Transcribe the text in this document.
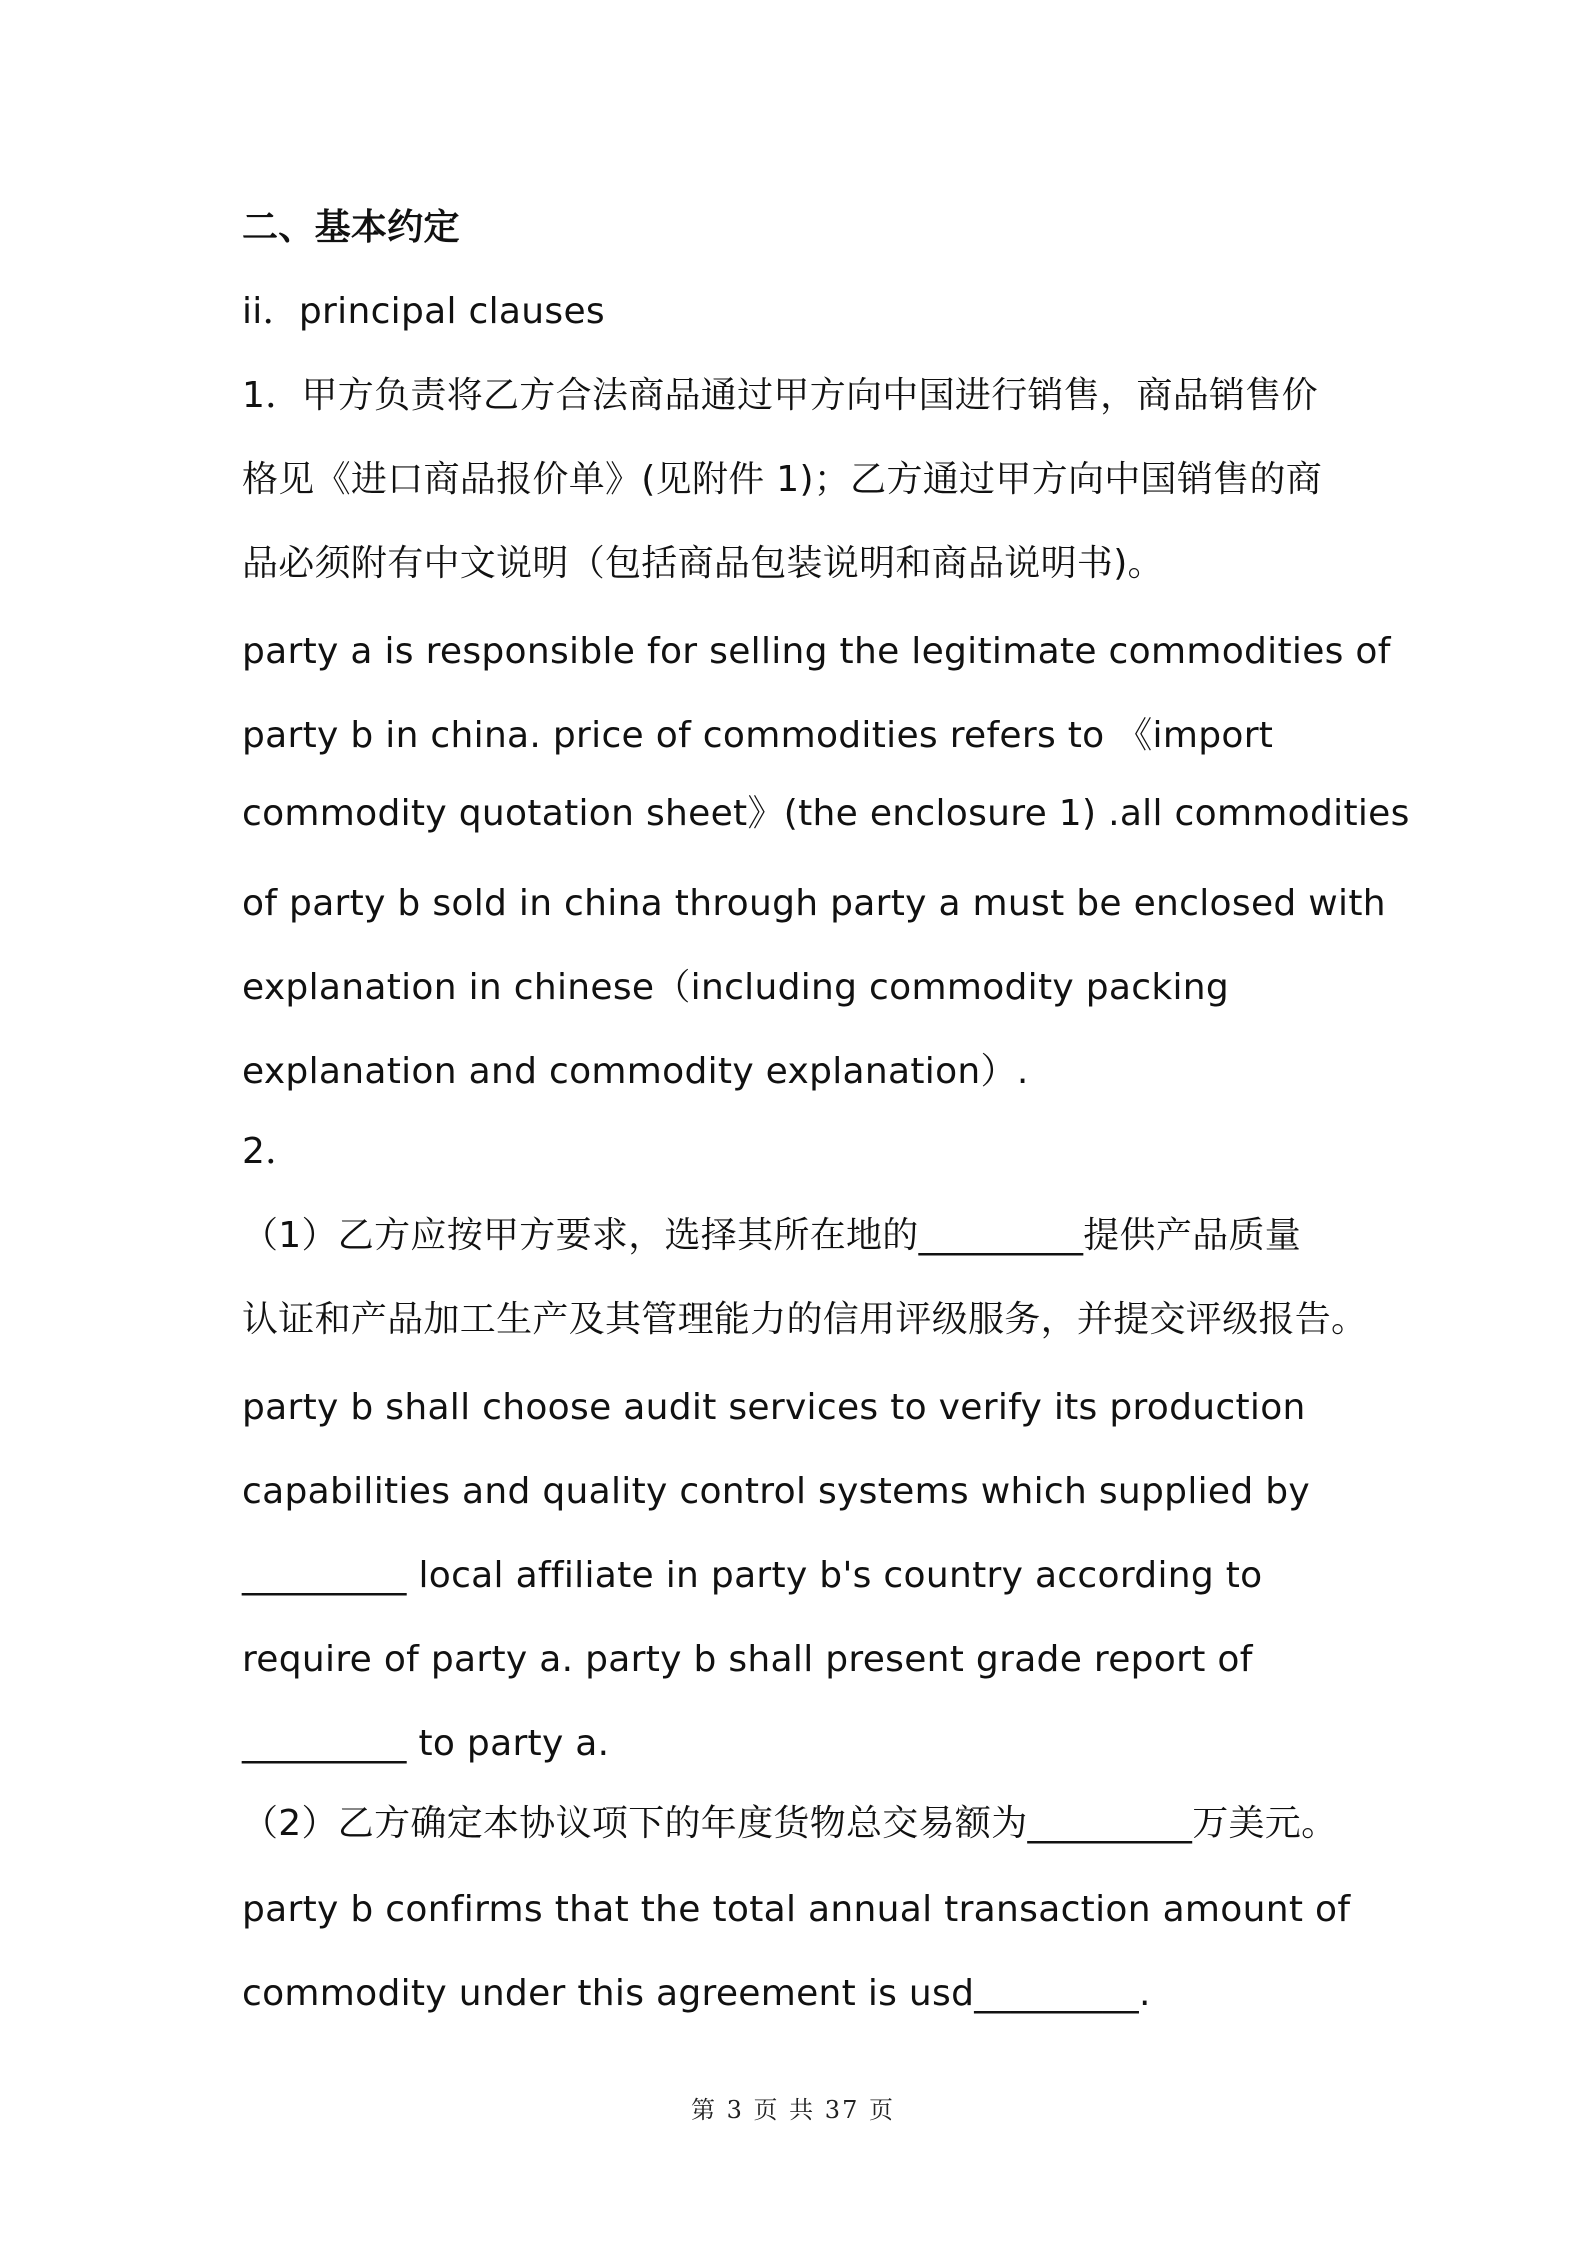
二、基本约定

ii．principal clauses

1．甲方负责将乙方合法商品通过甲方向中国进行销售，商品销售价

格见《进口商品报价单》(见附件 1)；乙方通过甲方向中国销售的商

品必须附有中文说明（包括商品包装说明和商品说明书)。

party a is responsible for selling the legitimate commodities of

party b in china. price of commodities refers to 《import

commodity quotation sheet》(the enclosure 1) .all commodities

of party b sold in china through party a must be enclosed with

explanation in chinese（including commodity packing

explanation and commodity explanation）.

2．

（1）乙方应按甲方要求，选择其所在地的_________提供产品质量

认证和产品加工生产及其管理能力的信用评级服务，并提交评级报告。

party b shall choose audit services to verify its production

capabilities and quality control systems which supplied by

_________ local affiliate in party b's country according to

require of party a. party b shall present grade report of

_________ to party a.

（2）乙方确定本协议项下的年度货物总交易额为_________万美元。

party b confirms that the total annual transaction amount of

commodity under this agreement is usd_________.

第 3 页 共 37 页
